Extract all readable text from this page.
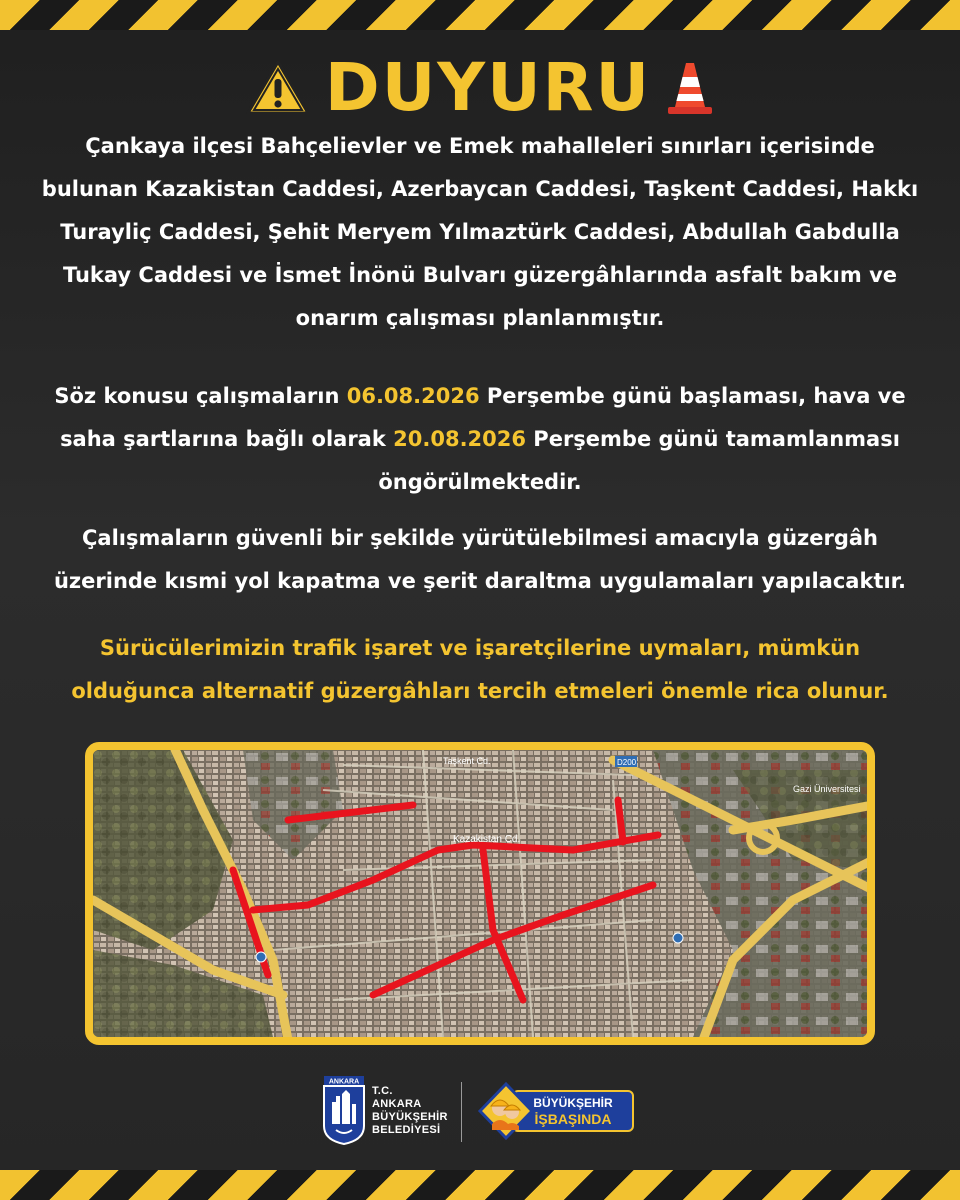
DUYURU
Çankaya ilçesi Bahçelievler ve Emek mahalleleri sınırları içerisinde bulunan Kazakistan Caddesi, Azerbaycan Caddesi, Taşkent Caddesi, Hakkı Turayliç Caddesi, Şehit Meryem Yılmaztürk Caddesi, Abdullah Gabdulla Tukay Caddesi ve İsmet İnönü Bulvarı güzergâhlarında asfalt bakım ve onarım çalışması planlanmıştır.
Söz konusu çalışmaların 06.08.2026 Perşembe günü başlaması, hava ve saha şartlarına bağlı olarak 20.08.2026 Perşembe günü tamamlanması öngörülmektedir.
Çalışmaların güvenli bir şekilde yürütülebilmesi amacıyla güzergâh üzerinde kısmi yol kapatma ve şerit daraltma uygulamaları yapılacaktır.
Sürücülerimizin trafik işaret ve işaretçilerine uymaları, mümkün olduğunca alternatif güzergâhları tercih etmeleri önemle rica olunur.
Kazakistan Cd.
Taşkent Cd.
Gazi Üniversitesi
D200
ANKARA
T.C.
ANKARA
BÜYÜKŞEHİR
BELEDİYESİ
BÜYÜKŞEHİR
İŞBAŞINDA
